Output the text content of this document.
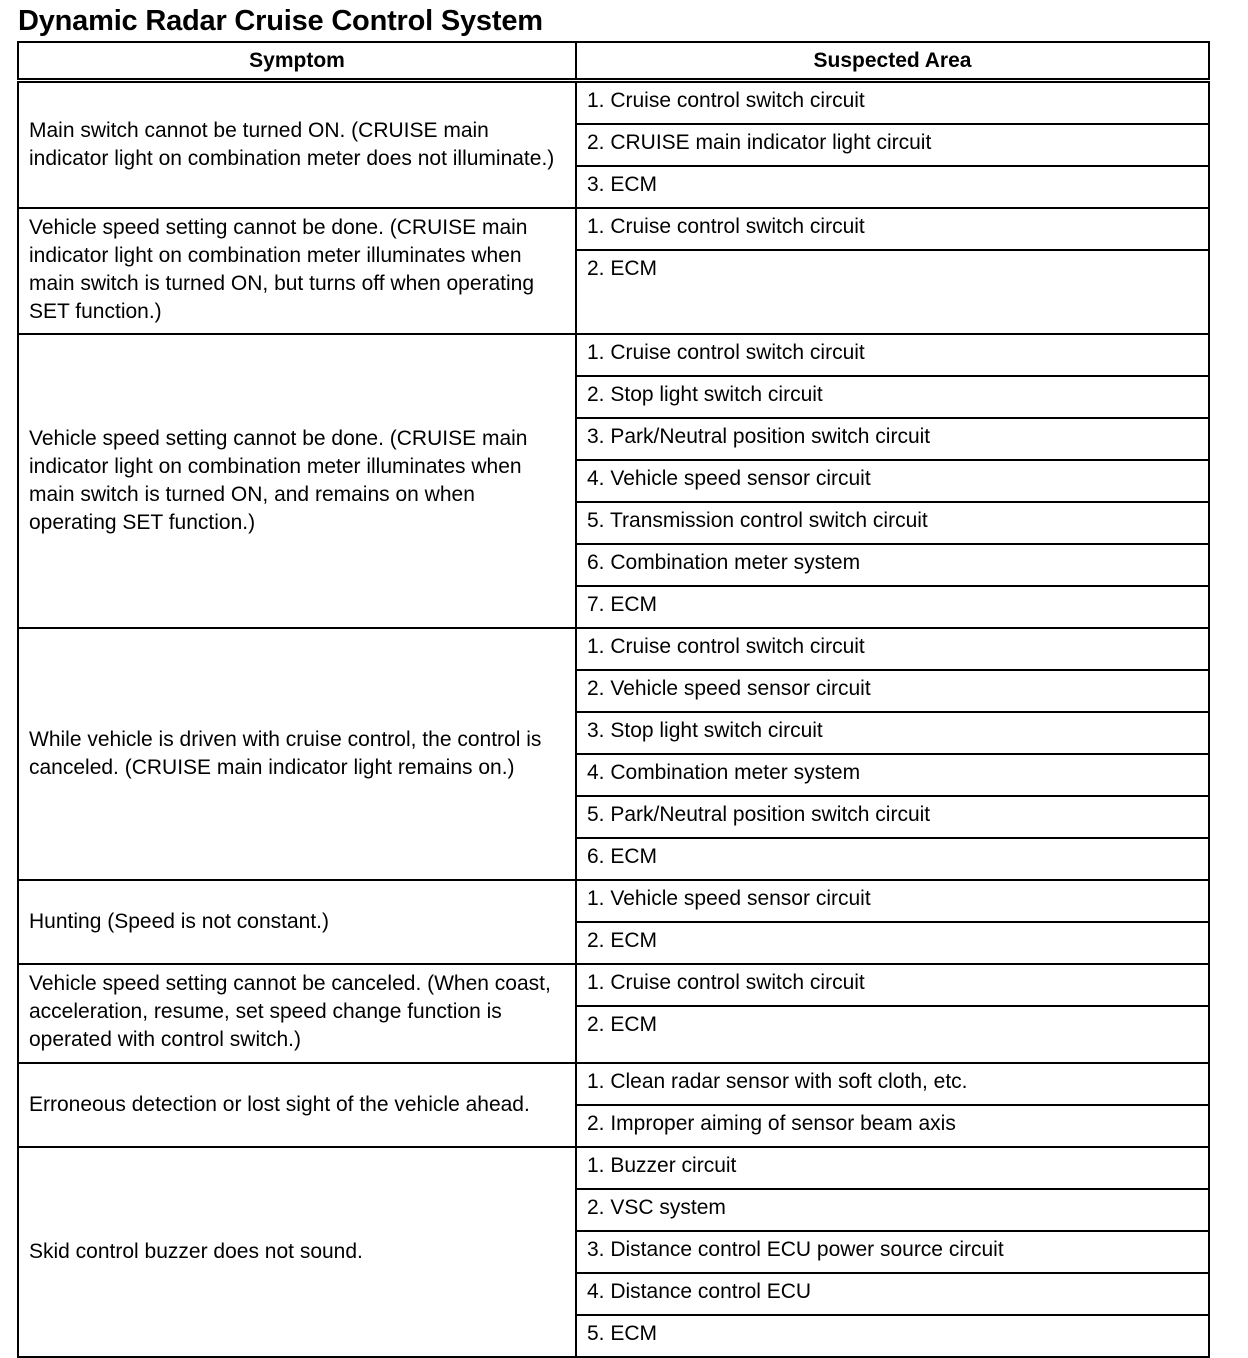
Dynamic Radar Cruise Control System
Symptom	Suspected Area
Main switch cannot be turned ON. (CRUISE main indicator light on combination meter does not illuminate.)	1. Cruise control switch circuit
	2. CRUISE main indicator light circuit
	3. ECM
Vehicle speed setting cannot be done. (CRUISE main indicator light on combination meter illuminates when main switch is turned ON, but turns off when operating SET function.)	1. Cruise control switch circuit
	2. ECM
Vehicle speed setting cannot be done. (CRUISE main indicator light on combination meter illuminates when main switch is turned ON, and remains on when operating SET function.)	1. Cruise control switch circuit
	2. Stop light switch circuit
	3. Park/Neutral position switch circuit
	4. Vehicle speed sensor circuit
	5. Transmission control switch circuit
	6. Combination meter system
	7. ECM
While vehicle is driven with cruise control, the control is canceled. (CRUISE main indicator light remains on.)	1. Cruise control switch circuit
	2. Vehicle speed sensor circuit
	3. Stop light switch circuit
	4. Combination meter system
	5. Park/Neutral position switch circuit
	6. ECM
Hunting (Speed is not constant.)	1. Vehicle speed sensor circuit
	2. ECM
Vehicle speed setting cannot be canceled. (When coast, acceleration, resume, set speed change function is operated with control switch.)	1. Cruise control switch circuit
	2. ECM
Erroneous detection or lost sight of the vehicle ahead.	1. Clean radar sensor with soft cloth, etc.
	2. Improper aiming of sensor beam axis
Skid control buzzer does not sound.	1. Buzzer circuit
	2. VSC system
	3. Distance control ECU power source circuit
	4. Distance control ECU
	5. ECM
